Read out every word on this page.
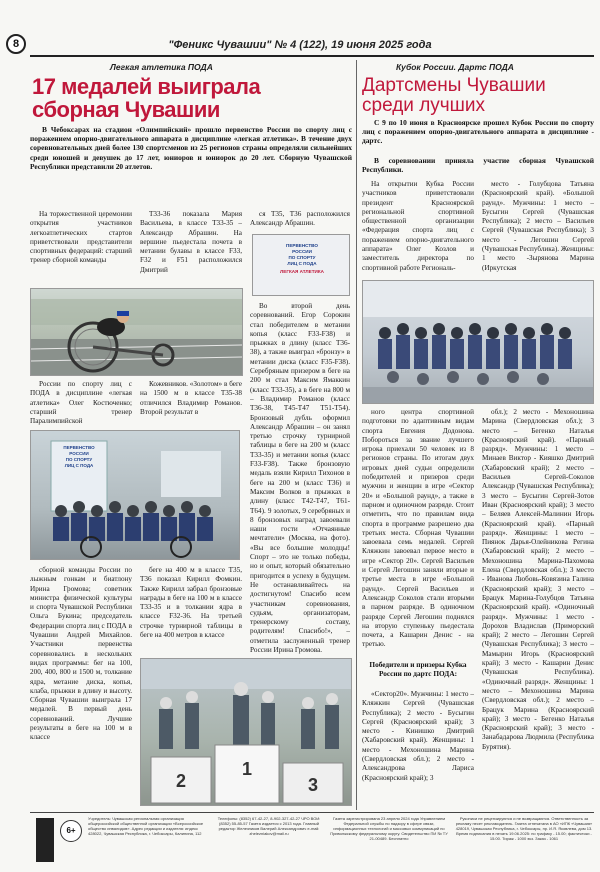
8	"Феникс Чувашии" № 4 (122), 19 июня 2025 года
Легкая атлетика ПОДА
17 медалей выиграла
сборная Чувашии
В Чебоксарах на стадион «Олимпийский» прошло первенство России по спорту лиц с поражением опорно-двигательного аппарата в дисциплине «легкая атлетика». В течение двух соревновательных дней более 130 спортсменов из 25 регионов страны определяли сильнейших среди юношей и девушек до 17 лет, юниоров и юниорок до 20 лет. Сборную Чувашской Республики представили 20 атлетов.
На торжественной церемонии открытия участников легкоатлетических стартов приветствовали представители спортивных федераций: старший тренер сборной команды
России по спорту лиц с ПОДА в дисциплине «легкая атлетика» Олег Костюченко; старший тренер Паралимпийской
ПЕРВЕНСТВО
РОССИИ
ПО СПОРТУ
ЛИЦ С ПОДА
сборной команды России по лыжным гонкам и биатлону Ирина Громова; советник министра физической культуры и спорта Чувашской Республики Ольга Букина; председатель Федерации спорта лиц с ПОДА в Чувашии Андрей Михайлов. Участники первенства соревновались в нескольких видах программы: бег на 100, 200, 400, 800 и 1500 м, толкание ядра, метание диска, копья, клаба, прыжки в длину и высоту. Сборная Чувашии выиграла 17 медалей. В первый день соревнований. Лучшие результаты в беге на 100 м в классе
Т33-36 показала Мария Васильева, в классе Т33-35 – Александр Абрашин. На вершине пьедестала почета в метании булавы в классе F33, F32 и F51 расположился Дмитрий
Кожевников. «Золотом» в беге на 1500 м в классе Т35-38 отличился Владимир Романов. Второй результат в
беге на 400 м в классе Т35, Т36 показал Кирилл Фомкин. Также Кирилл забрал бронзовые награды в беге на 100 м в классе Т33-35 и в толкании ядра в классе F32-36. На третьей строчке турнирной таблицы в беге на 400 метров в классе
ся Т35, Т36 расположился Александр Абрашин.
ПЕРВЕНСТВО
РОССИИ
ПО СПОРТУ
ЛИЦ С ПОДА
ЛЕГКАЯ АТЛЕТИКА
Во второй день соревнований. Егор Сорокин стал победителем в метании копья (класс F33-F38) и прыжках в длину (класс Т36-38), а также выиграл «бронзу» в метании диска (класс F35-F38). Серебряным призером в беге на 200 м стал Максим Ямаккин (класс Т33-35), а в беге на 800 м – Владимир Романов (класс Т36-38, Т45-Т47 Т51-Т54). Бронзовый дубль оформил Александр Абрашин – он занял третью строчку турнирной таблицы в беге на 200 м (класс Т33-35) и метании копья (класс F33-F38). Также бронзовую медаль взяли Кирилл Тихонов в беге на 200 м (класс Т36) и Максим Волков в прыжках в длину (класс Т42-Т47, Т61-Т64). 9 золотых, 9 серебряных и 8 бронзовых наград завоевали наши гости «Отчаянные мечтатели» (Москва, на фото). «Вы все большие молодцы! Спорт – это не только победы, но и опыт, который обязательно пригодится в успеху в будущем. Не останавливайтесь на достигнутом! Спасибо всем участникам соревнования, судьям, организаторам, тренерскому составу, родителям! Спасибо!», – отметила заслуженный тренер России Ирина Громова.
2
1
3
Кубок России. Дартс ПОДА
Дартсмены Чувашии
среди лучших
С 9 по 10 июня в Красноярске прошел Кубок России по спорту лиц с поражением опорно-двигательного аппарата в дисциплине - дартс.
В соревновании приняла участие сборная Чувашской Республики.
На открытии Кубка России участников приветствовали президент Красноярской региональной спортивной общественной организации «Федерация спорта лиц с поражением опорно-двигательного аппарата» Олег Козлов и заместитель директора по спортивной работе Региональ-
место - Голубцова Татьяна (Красноярский край). «Большой раунд». Мужчины: 1 место – Бусыгин Сергей (Чувашская Республика); 2 место – Васильев Сергей (Чувашская Республика); 3 место - Легошин Сергей (Чувашская Республика). Женщины: 1 место -Зырянова Марина (Иркутская
ного центра спортивной подготовки по адаптивным видам спорта Евгения Додонова. Побороться за звание лучшего игрока приехали 50 человек из 8 регионов страны. По итогам двух игровых дней судьи определили победителей и призеров среди мужчин и женщин в игре «Сектор 20» и «Большой раунд», а также в парном и одиночном разряде. Стоит отметить, что по правилам вида спорта в программе разрешено два третьих места. Сборная Чувашии завоевала семь медалей. Сергей Кляжкин завоевал первое место в игре «Сектор 20». Сергей Васильев и Сергей Легошин заняли вторые и третье места в игре «Большой раунд». Сергей Васильев и Александр Соколов стали вторыми в парном разряде. В одиночном разряде Сергей Легошин поднялся на вторую ступеньку пьедестала почета, а Кашарин Денис - на третью.
Победители и призеры Кубка России по дартс ПОДА:
«Сектор20». Мужчины: 1 место – Кляжкин Сергей (Чувашская Республика); 2 место - Бусыгин Сергей (Красноярский край); 3 место - Кинишко Дмитрий (Хабаровский край). Женщины: 1 место - Мехоношина Марина (Свердловская обл.); 2 место - Александрова Лариса (Красноярский край); 3
обл.); 2 место - Мехоношина Марина (Свердловская обл.); 3 место – Бегенко Наталья (Красноярский край). «Парный разряд». Мужчины: 1 место – Минаев Виктор - Кияшко Дмитрий (Хабаровский край); 2 место – Васильев Сергей-Соколов Александр (Чувашская Республика); 3 место – Бусыгин Сергей-Зотов Иван (Красноярский край); 3 место – Беляев Алексей-Малинин Игорь (Красноярский край). «Парный разряд». Женщины: 1 место – Пиянок Дарья-Олейникова Регина (Хабаровский край); 2 место – Мехоношина Марина-Пахомова Елена (Свердловская обл.); 3 место - Иванова Любовь-Ковязина Галина (Красноярский край); 3 место – Брацук Марина-Голубцов Татьяна (Красноярский край). «Одиночный разряд». Мужчины: 1 место - Дорохов Владислав (Приморский край); 2 место – Легошин Сергей (Чувашская Республика); 3 место – Мамырин Игорь (Красноярский край); 3 место - Кашарин Денис (Чувашская Республика). «Одиночный разряд». Женщины: 1 место – Мехоношина Марина (Свердловская обл.); 2 место – Брацук Марина (Красноярский край); 3 место - Бегенко Наталья (Красноярский край); 3 место - Занабадарова Людмила (Республика Бурятия).
6+
Учредитель: Чувашская региональная организация общероссийской общественной организации «Всероссийское общество инвалидов». Адрес редакции и издателя: индекс 428022, Чувашская Республика, г. Чебоксары, Калинина, 112
Телефоны: (8352) 67-42-27, 8-902-327-42-27 ЧРО ВОИ: (8352) 55-85-57 Газета издается с 2013 года. Главный редактор Железников Валерий Александрович e-mail: zhelezniakov@mail.ru
Газета зарегистрирована 23 апреля 2024 года Управлением Федеральной службы по надзору в сфере связи, информационных технологий и массовых коммуникаций по Приволжскому федеральному округу. Свидетельство ПИ № ТУ 21-00489. Бесплатно
Рукописи не рецензируются и не возвращаются. Ответственность за рекламу несет рекламодатель. Газета отпечатана в АО «ИПК «Чувашия» 428019, Чувашская Республика, г. Чебоксары, пр. И.Я. Яковлева, дом 13. Время подписания в печать 19.06.2025: по графику - 15.00; фактически - 15.00. Тираж - 1000 экз. Заказ - 1061
